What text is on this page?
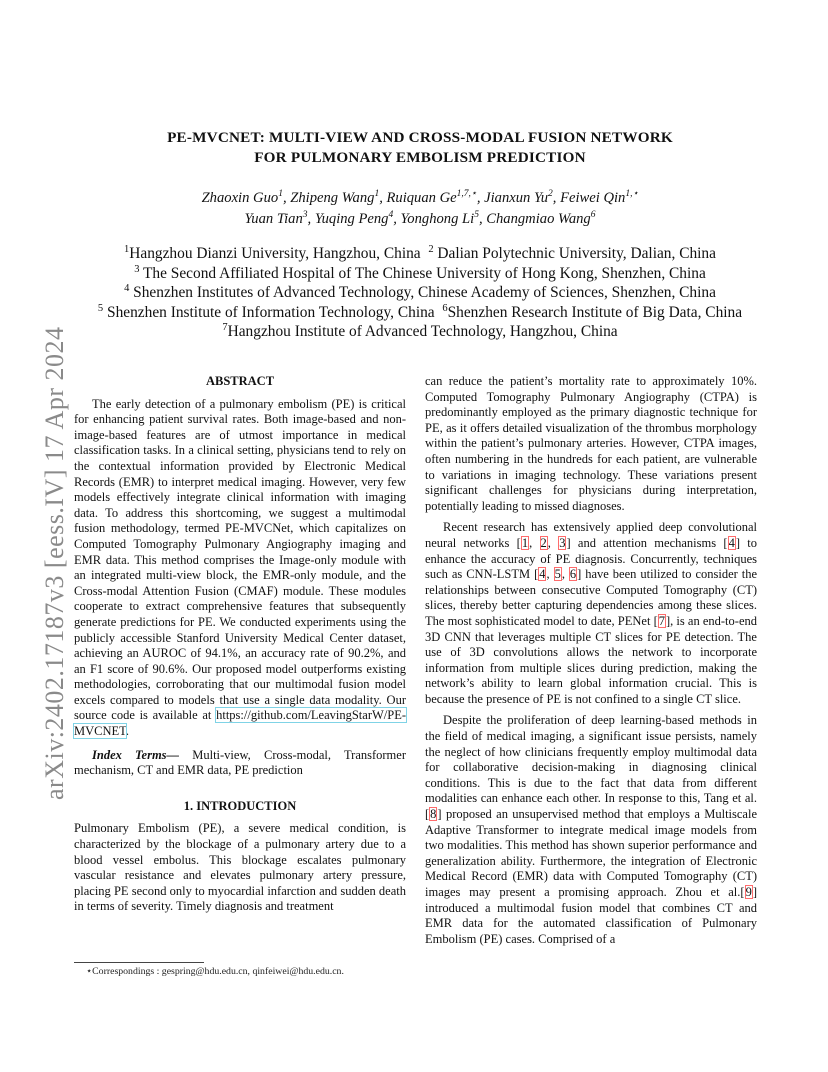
arXiv:2402.17187v3 [eess.IV] 17 Apr 2024
PE-MVCNET: MULTI-VIEW AND CROSS-MODAL FUSION NETWORK
FOR PULMONARY EMBOLISM PREDICTION
Zhaoxin Guo$^1$, Zhipeng Wang$^1$, Ruiquan $Ge^{1,7,⋆}$, Jianxun Yu$^2$, Feiwei Qin$^{1,⋆}$
Yuan Tian$^3$, Yuqing Peng$^4$, Yonghong Li$^5$, Changmiao Wang$^6$
$^1$Hangzhou Dianzi University, Hangzhou, China $^2$ Dalian Polytechnic University, Dalian, China
$^3$ The Second Affiliated Hospital of The Chinese University of Hong Kong, Shenzhen, China
$^4$ Shenzhen Institutes of Advanced Technology, Chinese Academy of Sciences, Shenzhen, China
$^5$ Shenzhen Institute of Information Technology, China $^6$Shenzhen Research Institute of Big Data, China
$^7$Hangzhou Institute of Advanced Technology, Hangzhou, China
ABSTRACT

The early detection of a pulmonary embolism (PE) is critical for enhancing patient survival rates. Both image-based and non-image-based features are of utmost importance in medical classification tasks. In a clinical setting, physicians tend to rely on the contextual information provided by Electronic Medical Records (EMR) to interpret medical imaging. However, very few models effectively integrate clinical information with imaging data. To address this shortcoming, we suggest a multimodal fusion methodology, termed PE-MVCNet, which capitalizes on Computed Tomography Pulmonary Angiography imaging and EMR data. This method comprises the Image-only module with an integrated multi-view block, the EMR-only module, and the Cross-modal Attention Fusion (CMAF) module. These modules cooperate to extract comprehensive features that subsequently generate predictions for PE. We conducted experiments using the publicly accessible Stanford University Medical Center dataset, achieving an AUROC of 94.1%, an accuracy rate of 90.2%, and an F1 score of 90.6%. Our proposed model outperforms existing methodologies, corroborating that our multimodal fusion model excels compared to models that use a single data modality. Our source code is available at https://github.com/LeavingStarW/PE-MVCNET.

Index Terms— Multi-view, Cross-modal, Transformer mechanism, CT and EMR data, PE prediction

1. INTRODUCTION

Pulmonary Embolism (PE), a severe medical condition, is characterized by the blockage of a pulmonary artery due to a blood vessel embolus. This blockage escalates pulmonary vascular resistance and elevates pulmonary artery pressure, placing PE second only to myocardial infarction and sudden death in terms of severity. Timely diagnosis and treatment

can reduce the patient’s mortality rate to approximately 10%. Computed Tomography Pulmonary Angiography (CTPA) is predominantly employed as the primary diagnostic technique for PE, as it offers detailed visualization of the thrombus morphology within the patient’s pulmonary arteries. However, CTPA images, often numbering in the hundreds for each patient, are vulnerable to variations in imaging technology. These variations present significant challenges for physicians during interpretation, potentially leading to missed diagnoses.

Recent research has extensively applied deep convolutional neural networks [1, 2, 3] and attention mechanisms [4] to enhance the accuracy of PE diagnosis. Concurrently, techniques such as CNN-LSTM [4, 5, 6] have been utilized to consider the relationships between consecutive Computed Tomography (CT) slices, thereby better capturing dependencies among these slices. The most sophisticated model to date, PENet [7], is an end-to-end 3D CNN that leverages multiple CT slices for PE detection. The use of 3D convolutions allows the network to incorporate information from multiple slices during prediction, making the network’s ability to learn global information crucial. This is because the presence of PE is not confined to a single CT slice.

Despite the proliferation of deep learning-based methods in the field of medical imaging, a significant issue persists, namely the neglect of how clinicians frequently employ multimodal data for collaborative decision-making in diagnosing clinical conditions. This is due to the fact that data from different modalities can enhance each other. In response to this, Tang et al.[8] proposed an unsupervised method that employs a Multiscale Adaptive Transformer to integrate medical image models from two modalities. This method has shown superior performance and generalization ability. Furthermore, the integration of Electronic Medical Record (EMR) data with Computed Tomography (CT) images may present a promising approach. Zhou et al.[9] introduced a multimodal fusion model that combines CT and EMR data for the automated classification of Pulmonary Embolism (PE) cases. Comprised of a

⋆Correspondings : gespring@hdu.edu.cn, qinfeiwei@hdu.edu.cn.
